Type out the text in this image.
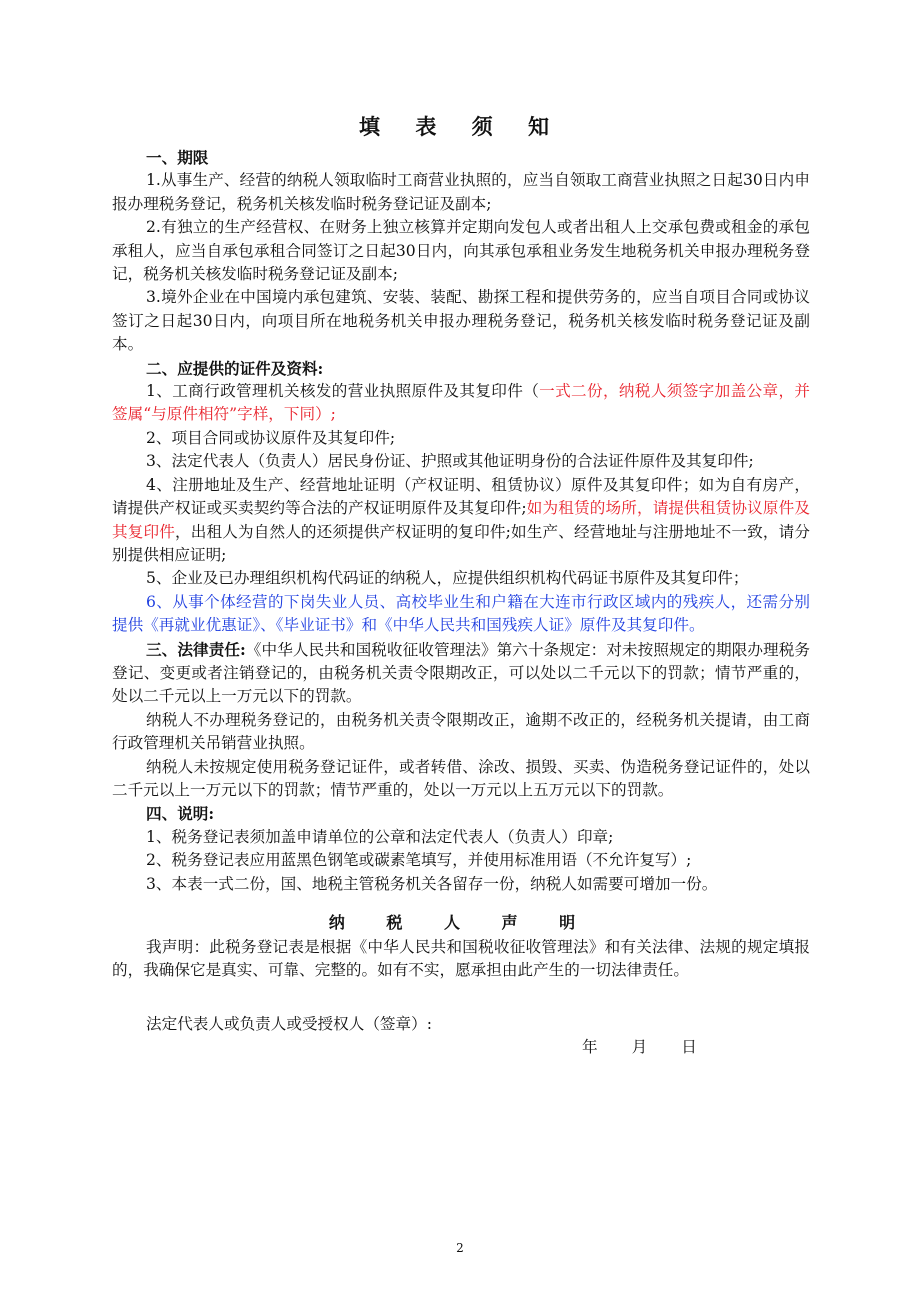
填 表 须 知

一、期限

1.从事生产、经营的纳税人领取临时工商营业执照的，应当自领取工商营业执照之日起30日内申报办理税务登记，税务机关核发临时税务登记证及副本;

2.有独立的生产经营权、在财务上独立核算并定期向发包人或者出租人上交承包费或租金的承包承租人，应当自承包承租合同签订之日起30日内，向其承包承租业务发生地税务机关申报办理税务登记，税务机关核发临时税务登记证及副本;

3.境外企业在中国境内承包建筑、安装、装配、勘探工程和提供劳务的，应当自项目合同或协议签订之日起30日内，向项目所在地税务机关申报办理税务登记，税务机关核发临时税务登记证及副本。

二、应提供的证件及资料:

1、工商行政管理机关核发的营业执照原件及其复印件（一式二份，纳税人须签字加盖公章，并签属“与原件相符”字样，下同）;

2、项目合同或协议原件及其复印件;

3、法定代表人（负责人）居民身份证、护照或其他证明身份的合法证件原件及其复印件;

4、注册地址及生产、经营地址证明（产权证明、租赁协议）原件及其复印件；如为自有房产，请提供产权证或买卖契约等合法的产权证明原件及其复印件;如为租赁的场所，请提供租赁协议原件及其复印件，出租人为自然人的还须提供产权证明的复印件;如生产、经营地址与注册地址不一致，请分别提供相应证明;

5、企业及已办理组织机构代码证的纳税人，应提供组织机构代码证书原件及其复印件；

6、从事个体经营的下岗失业人员、高校毕业生和户籍在大连市行政区域内的残疾人，还需分别提供《再就业优惠证》、《毕业证书》和《中华人民共和国残疾人证》原件及其复印件。

三、法律责任:《中华人民共和国税收征收管理法》第六十条规定：对未按照规定的期限办理税务登记、变更或者注销登记的，由税务机关责令限期改正，可以处以二千元以下的罚款；情节严重的，处以二千元以上一万元以下的罚款。

纳税人不办理税务登记的，由税务机关责令限期改正，逾期不改正的，经税务机关提请，由工商行政管理机关吊销营业执照。

纳税人未按规定使用税务登记证件，或者转借、涂改、损毁、买卖、伪造税务登记证件的，处以二千元以上一万元以下的罚款；情节严重的，处以一万元以上五万元以下的罚款。

四、说明:

1、税务登记表须加盖申请单位的公章和法定代表人（负责人）印章;

2、税务登记表应用蓝黑色钢笔或碳素笔填写，并使用标准用语（不允许复写）;

3、本表一式二份，国、地税主管税务机关各留存一份，纳税人如需要可增加一份。

纳 税 人 声 明

我声明：此税务登记表是根据《中华人民共和国税收征收管理法》和有关法律、法规的规定填报的，我确保它是真实、可靠、完整的。如有不实，愿承担由此产生的一切法律责任。

法定代表人或负责人或受授权人（签章）:

年 月 日

2
